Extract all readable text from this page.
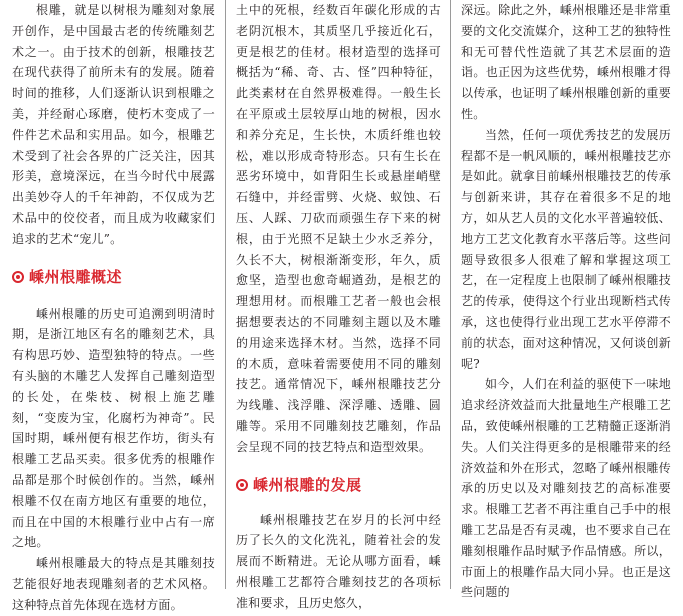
根雕，就是以树根为雕刻对象展开创作，是中国最古老的传统雕刻艺术之一。由于技术的创新，根雕技艺在现代获得了前所未有的发展。随着时间的推移，人们逐渐认识到根雕之美，并经耐心琢磨，使朽木变成了一件件艺术品和实用品。如今，根雕艺术受到了社会各界的广泛关注，因其形美，意境深远，在当今时代中展露出美妙夺人的千年神韵，不仅成为艺术品中的佼佼者，而且成为收藏家们追求的艺术“宠儿”。

嵊州根雕概述

嵊州根雕的历史可追溯到明清时期，是浙江地区有名的雕刻艺术，具有构思巧妙、造型独特的特点。一些有头脑的木雕艺人发挥自己雕刻造型的长处，在柴枝、树根上施艺雕刻，“变废为宝，化腐朽为神奇”。民国时期，嵊州便有根艺作坊，街头有根雕工艺品买卖。很多优秀的根雕作品都是那个时候创作的。当然，嵊州根雕不仅在南方地区有重要的地位，而且在中国的木根雕行业中占有一席之地。

嵊州根雕最大的特点是其雕刻技艺能很好地表现雕刻者的艺术风格。这种特点首先体现在选材方面。

土中的死根，经数百年碳化形成的古老阴沉根木，其质坚几乎接近化石，更是根艺的佳材。根材造型的选择可概括为“稀、奇、古、怪”四种特征，此类素材在自然界极难得。一般生长在平原或土层较厚山地的树根，因水和养分充足，生长快，木质纤维也较松，难以形成奇特形态。只有生长在恶劣环境中，如背阳生长或悬崖峭壁石缝中，并经雷劈、火烧、蚁蚀、石压、人踩、刀砍而顽强生存下来的树根，由于光照不足缺土少水乏养分，久长不大，树根渐渐变形，年久，质愈坚，造型也愈奇崛遒劲，是根艺的理想用材。而根雕工艺者一般也会根据想要表达的不同雕刻主题以及木雕的用途来选择木材。当然，选择不同的木质，意味着需要使用不同的雕刻技艺。通常情况下，嵊州根雕技艺分为线雕、浅浮雕、深浮雕、透雕、圆雕等。采用不同雕刻技艺雕刻，作品会呈现不同的技艺特点和造型效果。

嵊州根雕的发展

嵊州根雕技艺在岁月的长河中经历了长久的文化洗礼，随着社会的发展而不断精进。无论从哪方面看，嵊州根雕工艺都符合雕刻技艺的各项标准和要求，且历史悠久，

深远。除此之外，嵊州根雕还是非常重要的文化交流媒介，这种工艺的独特性和无可替代性造就了其艺术层面的造诣。也正因为这些优势，嵊州根雕才得以传承，也证明了嵊州根雕创新的重要性。

当然，任何一项优秀技艺的发展历程都不是一帆风顺的，嵊州根雕技艺亦是如此。就拿目前嵊州根雕技艺的传承与创新来讲，其存在着很多不足的地方，如从艺人员的文化水平普遍较低、地方工艺文化教育水平落后等。这些问题导致很多人很难了解和掌握这项工艺，在一定程度上也限制了嵊州根雕技艺的传承，使得这个行业出现断档式传承，这也使得行业出现工艺水平停滞不前的状态，面对这种情况，又何谈创新呢?

如今，人们在利益的驱使下一味地追求经济效益而大批量地生产根雕工艺品，致使嵊州根雕的工艺精髓正逐渐消失。人们关注得更多的是根雕带来的经济效益和外在形式，忽略了嵊州根雕传承的历史以及对雕刻技艺的高标准要求。根雕工艺者不再注重自己手中的根雕工艺品是否有灵魂，也不要求自己在雕刻根雕作品时赋予作品情感。所以，市面上的根雕作品大同小异。也正是这些问题的
